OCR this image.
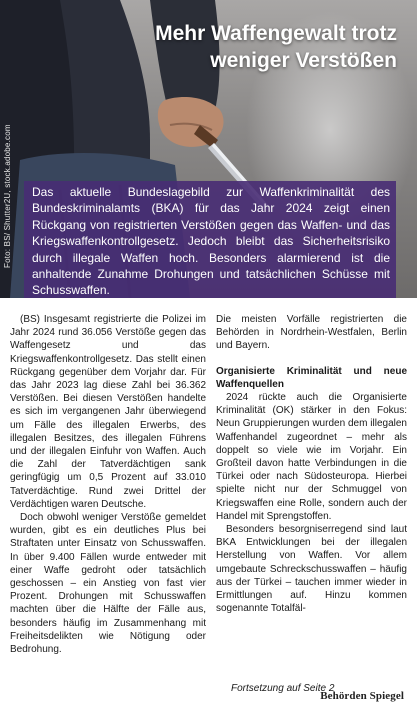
Mehr Waffengewalt trotz weniger Verstößen
Foto: BS/ Shutter2U, stock.adobe.com	Das aktuelle Bundeslagebild zur Waffenkriminalität des Bundeskriminalamts (BKA) für das Jahr 2024 zeigt einen Rückgang von registrierten Verstößen gegen das Waffen- und das Kriegswaffenkontrollgesetz. Jedoch bleibt das Sicherheitsrisiko durch illegale Waffen hoch. Besonders alarmierend ist die anhaltende Zunahme Drohungen und tatsächlichen Schüsse mit Schusswaffen.

(BS) Insgesamt registrierte die Polizei im Jahr 2024 rund 36.056 Verstöße gegen das Waffengesetz und das Kriegswaffenkontrollgesetz. Das stellt einen Rückgang gegenüber dem Vorjahr dar. Für das Jahr 2023 lag diese Zahl bei 36.362 Verstößen. Bei diesen Verstößen handelte es sich im vergangenen Jahr überwiegend um Fälle des illegalen Erwerbs, des illegalen Besitzes, des illegalen Führens und der illegalen Einfuhr von Waffen. Auch die Zahl der Tatverdächtigen sank geringfügig um 0,5 Prozent auf 33.010 Tatverdächtige. Rund zwei Drittel der Verdächtigen waren Deutsche.

Doch obwohl weniger Verstöße gemeldet wurden, gibt es ein deutliches Plus bei Straftaten unter Einsatz von Schusswaffen. In über 9.400 Fällen wurde entweder mit einer Waffe gedroht oder tatsächlich geschossen – ein Anstieg von fast vier Prozent. Drohungen mit Schusswaffen machten über die Hälfte der Fälle aus, besonders häufig im Zusammenhang mit Freiheitsdelikten wie Nötigung oder Bedrohung.

Die meisten Vorfälle registrierten die Behörden in Nordrhein-Westfalen, Berlin und Bayern.

Organisierte Kriminalität und neue Waffenquellen

2024 rückte auch die Organisierte Kriminalität (OK) stärker in den Fokus: Neun Gruppierungen wurden dem illegalen Waffenhandel zugeordnet – mehr als doppelt so viele wie im Vorjahr. Ein Großteil davon hatte Verbindungen in die Türkei oder nach Südosteuropa. Hierbei spielte nicht nur der Schmuggel von Kriegswaffen eine Rolle, sondern auch der Handel mit Sprengstoffen.

Besonders besorgniserregend sind laut BKA Entwicklungen bei der illegalen Herstellung von Waffen. Vor allem umgebaute Schreckschusswaffen – häufig aus der Türkei – tauchen immer wieder in Ermittlungen auf. Hinzu kommen sogenannte Totalfäl-

Fortsetzung auf Seite 2
Behörden Spiegel
